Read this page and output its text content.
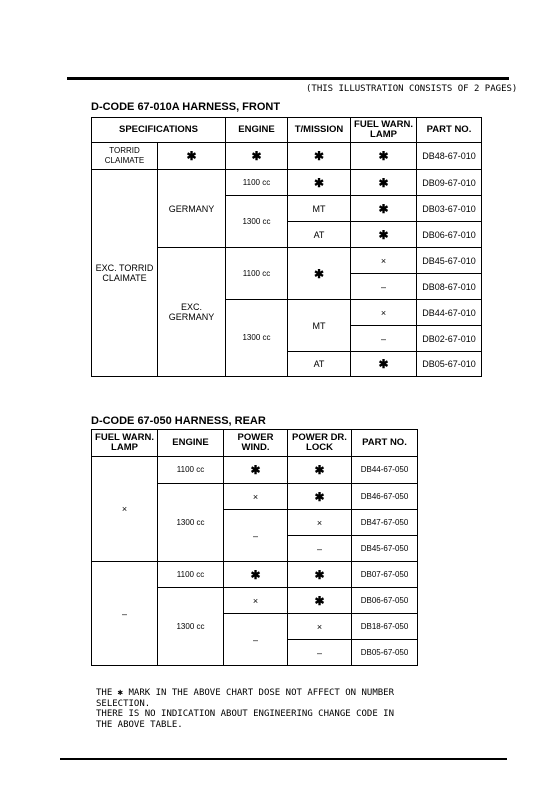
(THIS ILLUSTRATION CONSISTS OF 2 PAGES)
D-CODE 67-010A HARNESS, FRONT
SPECIFICATIONS		ENGINE	T/MISSION	FUEL WARN. LAMP	PART NO.
TORRID CLAIMATE	✱	✱	✱	✱	DB48-67-010
EXC. TORRID CLAIMATE	GERMANY	1100 cc	✱	✱	DB09-67-010
		1300 cc	MT	✱	DB03-67-010
			AT	✱	DB06-67-010
	EXC. GERMANY	1100 cc	✱	×	DB45-67-010
				–	DB08-67-010
		1300 cc	MT	×	DB44-67-010
				–	DB02-67-010
			AT	✱	DB05-67-010
D-CODE 67-050 HARNESS, REAR
FUEL WARN. LAMP	ENGINE	POWER WIND.	POWER DR. LOCK	PART NO.
×	1100 cc	✱	✱	DB44-67-050
	1300 cc	×	✱	DB46-67-050
		–	×	DB47-67-050
			–	DB45-67-050
–	1100 cc	✱	✱	DB07-67-050
	1300 cc	×	✱	DB06-67-050
		–	×	DB18-67-050
			–	DB05-67-050
THE ✱ MARK IN THE ABOVE CHART DOSE NOT AFFECT ON NUMBER
SELECTION.
THERE IS NO INDICATION ABOUT ENGINEERING CHANGE CODE IN
THE ABOVE TABLE.
